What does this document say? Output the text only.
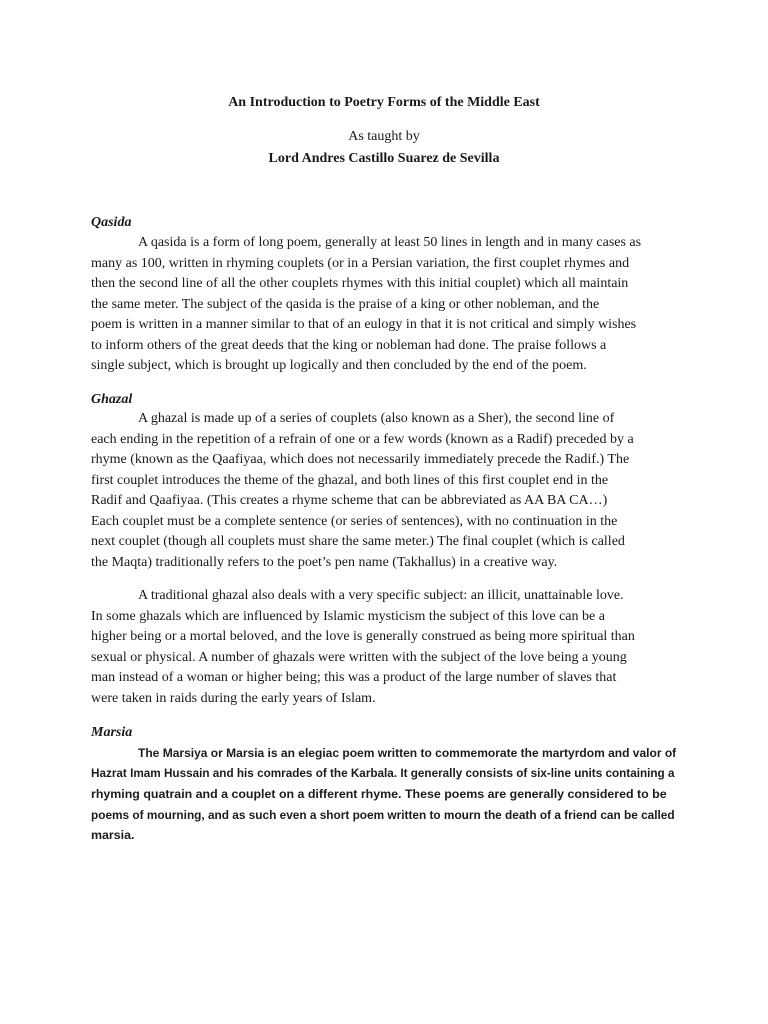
An Introduction to Poetry Forms of the Middle East
As taught by
Lord Andres Castillo Suarez de Sevilla
Qasida
A qasida is a form of long poem, generally at least 50 lines in length and in many cases as
many as 100, written in rhyming couplets (or in a Persian variation, the first couplet rhymes and
then the second line of all the other couplets rhymes with this initial couplet) which all maintain
the same meter. The subject of the qasida is the praise of a king or other nobleman, and the
poem is written in a manner similar to that of an eulogy in that it is not critical and simply wishes
to inform others of the great deeds that the king or nobleman had done. The praise follows a
single subject, which is brought up logically and then concluded by the end of the poem.
Ghazal
A ghazal is made up of a series of couplets (also known as a Sher), the second line of
each ending in the repetition of a refrain of one or a few words (known as a Radif) preceded by a
rhyme (known as the Qaafiyaa, which does not necessarily immediately precede the Radif.) The
first couplet introduces the theme of the ghazal, and both lines of this first couplet end in the
Radif and Qaafiyaa. (This creates a rhyme scheme that can be abbreviated as AA BA CA…)
Each couplet must be a complete sentence (or series of sentences), with no continuation in the
next couplet (though all couplets must share the same meter.) The final couplet (which is called
the Maqta) traditionally refers to the poet’s pen name (Takhallus) in a creative way.
A traditional ghazal also deals with a very specific subject: an illicit, unattainable love.
In some ghazals which are influenced by Islamic mysticism the subject of this love can be a
higher being or a mortal beloved, and the love is generally construed as being more spiritual than
sexual or physical. A number of ghazals were written with the subject of the love being a young
man instead of a woman or higher being; this was a product of the large number of slaves that
were taken in raids during the early years of Islam.
Marsia
The Marsiya or Marsia is an elegiac poem written to commemorate the martyrdom and valor of
Hazrat Imam Hussain and his comrades of the Karbala. It generally consists of six-line units containing a
rhyming quatrain and a couplet on a different rhyme. These poems are generally considered to be
poems of mourning, and as such even a short poem written to mourn the death of a friend can be called
marsia.
